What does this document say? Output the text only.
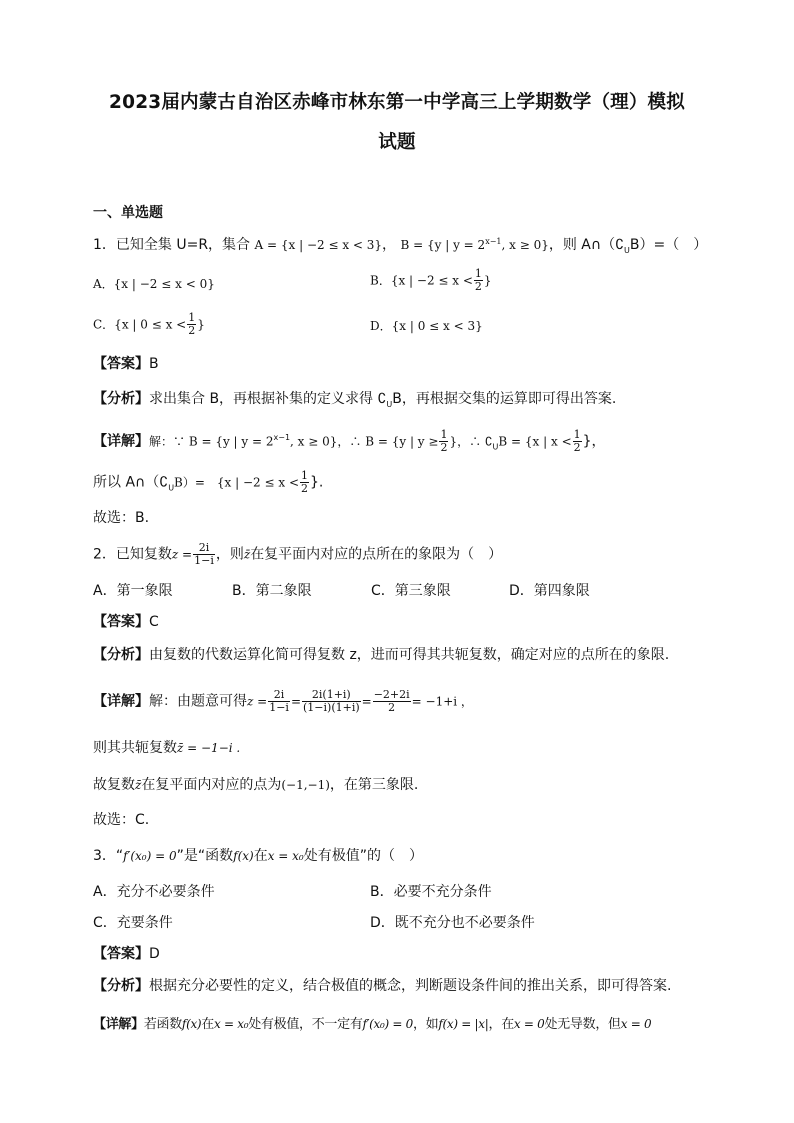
2023届内蒙古自治区赤峰市林东第一中学高三上学期数学（理）模拟
试题
一、单选题
1．已知全集 U=R，集合 A = {x | −2 ≤ x < 3}， B = {y | $y = 2^{x-1}$, x ≥ 0}，则 $A\cap(∁_UB)=$（　）
A．{x | −2 ≤ x < 0}	B．{x | $-2 \le x < \frac{1}{2}$ }
C．{x | $0 \le x < \frac{1}{2}$ }	D．{x | 0 ≤ x < 3}
【答案】B
【分析】求出集合 B，再根据补集的定义求得 $∁_UB$，再根据交集的运算即可得出答案.
【详解】解：∵ B = {y | $y = 2^{x-1}$, x ≥ 0}，∴ B = {y | $y \ge \frac{1}{2}$ }，∴ $∁_UB = \{x$ | $x < \frac{1}{2}$ }，
所以 $A\cap(∁_UB)=$　{x | $-2 \le x < \frac{1}{2}$ }.
故选：B.
2．已知复数$z = \frac{2i}{1-i}$ ，则z̄在复平面内对应的点所在的象限为（　）
A．第一象限	B．第二象限	C．第三象限	D．第四象限
【答案】C
【分析】由复数的代数运算化简可得复数 z，进而可得其共轭复数，确定对应的点所在的象限.
【详解】解：由题意可得$z = \frac{2i}{1-i} = \frac{2i(1+i)}{(1-i)(1+i)} = \frac{-2+2i}{2} = -1+i$ ，
则其共轭复数z̄ = −1−i .
故复数z̄在复平面内对应的点为(−1,−1)，在第三象限.
故选：C.
3．“f′(x₀) = 0”是“函数f(x)在x = x₀处有极值”的（　）
A．充分不必要条件	B．必要不充分条件
C．充要条件	D．既不充分也不必要条件
【答案】D
【分析】根据充分必要性的定义，结合极值的概念，判断题设条件间的推出关系，即可得答案.
【详解】若函数f(x)在x = x₀处有极值，不一定有f′(x₀) = 0，如f(x) = |x|，在x = 0处无导数，但x = 0
